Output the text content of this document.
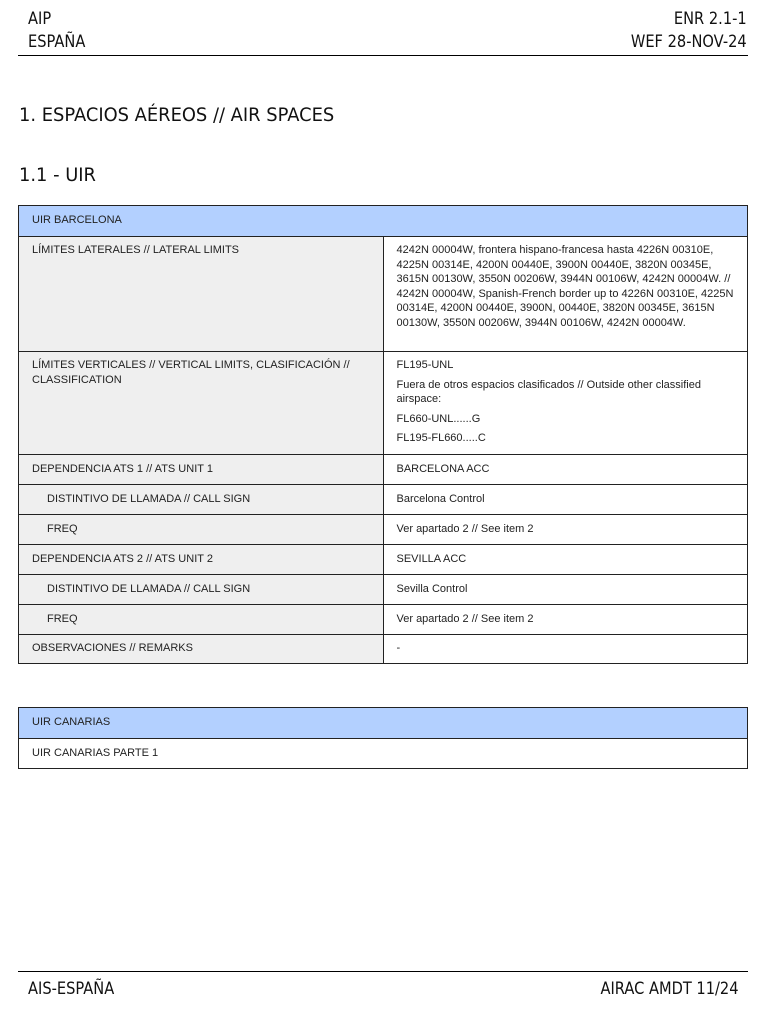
AIP
ESPAÑA
ENR 2.1-1
WEF 28-NOV-24
1. ESPACIOS AÉREOS // AIR SPACES
1.1 - UIR
UIR BARCELONA	
LÍMITES LATERALES // LATERAL LIMITS	4242N 00004W, frontera hispano-francesa hasta 4226N 00310E, 4225N 00314E, 4200N 00440E, 3900N 00440E, 3820N 00345E, 3615N 00130W, 3550N 00206W, 3944N 00106W, 4242N 00004W. // 4242N 00004W, Spanish-French border up to 4226N 00310E, 4225N 00314E, 4200N 00440E, 3900N, 00440E, 3820N 00345E, 3615N 00130W, 3550N 00206W, 3944N 00106W, 4242N 00004W.
LÍMITES VERTICALES // VERTICAL LIMITS, CLASIFICACIÓN // CLASSIFICATION	FL195-UNL

Fuera de otros espacios clasificados // Outside other classified airspace:

FL660-UNL......G

FL195-FL660.....C

DEPENDENCIA ATS 1 // ATS UNIT 1	BARCELONA ACC
DISTINTIVO DE LLAMADA // CALL SIGN	Barcelona Control
FREQ	Ver apartado 2 // See item 2
DEPENDENCIA ATS 2 // ATS UNIT 2	SEVILLA ACC
DISTINTIVO DE LLAMADA // CALL SIGN	Sevilla Control
FREQ	Ver apartado 2 // See item 2
OBSERVACIONES // REMARKS	-
UIR CANARIAS
UIR CANARIAS PARTE 1
AIS-ESPAÑA	AIRAC AMDT 11/24
